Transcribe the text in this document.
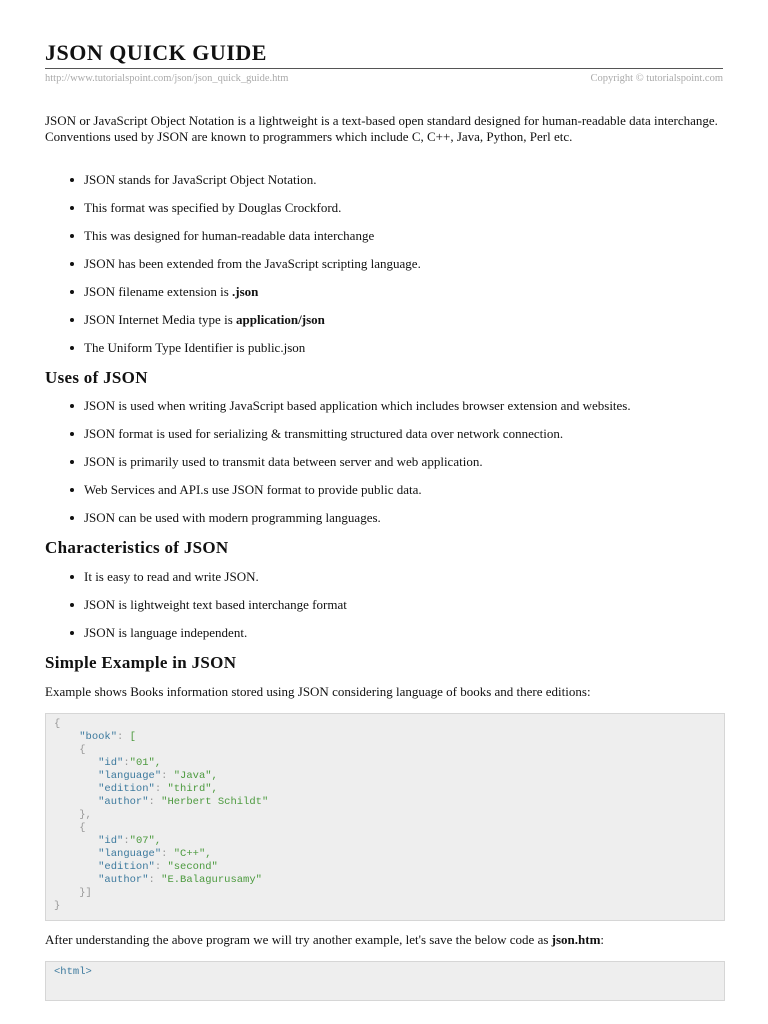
JSON QUICK GUIDE
http://www.tutorialspoint.com/json/json_quick_guide.htm	Copyright © tutorialspoint.com

JSON or JavaScript Object Notation is a lightweight is a text-based open standard designed for human-readable data interchange. Conventions used by JSON are known to programmers which include C, C++, Java, Python, Perl etc.

JSON stands for JavaScript Object Notation.
This format was specified by Douglas Crockford.
This was designed for human-readable data interchange
JSON has been extended from the JavaScript scripting language.
JSON filename extension is .json
JSON Internet Media type is application/json
The Uniform Type Identifier is public.json
Uses of JSON
JSON is used when writing JavaScript based application which includes browser extension and websites.
JSON format is used for serializing & transmitting structured data over network connection.
JSON is primarily used to transmit data between server and web application.
Web Services and API.s use JSON format to provide public data.
JSON can be used with modern programming languages.
Characteristics of JSON
It is easy to read and write JSON.
JSON is lightweight text based interchange format
JSON is language independent.
Simple Example in JSON

Example shows Books information stored using JSON considering language of books and there editions:

{
"book": [
{
"id":"01",
"language": "Java",
"edition": "third",
"author": "Herbert Schildt"
},
{
"id":"07",
"language": "C++",
"edition": "second"
"author": "E.Balagurusamy"
}]
}

After understanding the above program we will try another example, let's save the below code as json.htm:

<html>
